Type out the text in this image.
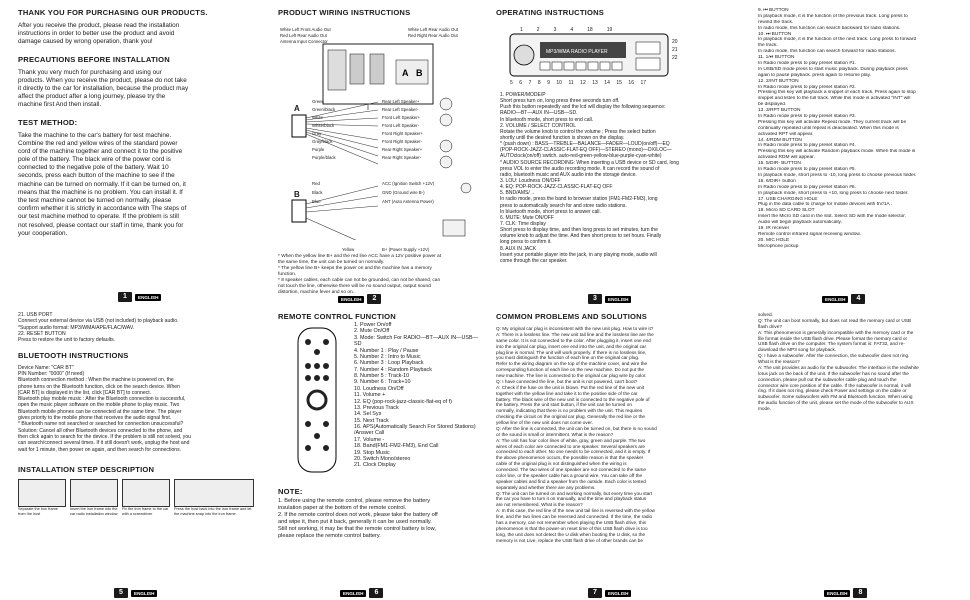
THANK YOU FOR PURCHASING OUR PRODUCTS.
After you receive the product, please read the installation
instructions in order to better use the product and avoid
damage caused by wrong operation, thank you!
PRECAUTIONS BEFORE INSTALLATION
Thank you very much for purchasing and using our
products. When you receive the product, please do not take
it directly to the car for installation, because the product may
affect the product after a long journey, please try the
machine first And then install.
TEST METHOD:
Take the machine to the car's battery for test machine.
Combine the red and yellow wires of the standard power
cord of the machine together and connect it to the positive
pole of the battery. The black wire of the power cord is
connected to the negative pole of the battery. Wait 10
seconds, press each button of the machine to see if the
machine can be turned on normally. If it can be turned on, it
means that the machine is no problem. You can install it. If
the test machine cannot be turned on normally, please
confirm whether it is strictly in accordance with The steps of
our test machine method to operate. If the problem is still
not resolved, please contact our staff in time, thank you for
your cooperation.
1	ENGLISH
PRODUCT WIRING INSTRUCTIONS
A B
White Left Front Audio Out
Red Left Rear Audio Out
Antenna Input Connector
White Left Rear Audio Out
Red Right Rear Audio Out
A
B
Green	Rear Left Speaker+
Green/black	Rear Left Speaker-
White	Front Left Speaker+
White/black	Front Left Speaker-
Gray	Front Right Speaker+
Gray/black	Front Right Speaker-
Purple	Rear Right Speaker+
Purple/black	Rear Right Speaker-
Red	ACC (Ignition Switch +12V)
Black	GND (Ground wire B-)
Blue	ANT (Auto Antenna Power)
Yellow	B+ (Power Supply +12V)
* When the yellow line B+ and the red line ACC have a 12V positive power at
the same time, the unit can be turned on normally.
* The yellow line B+ keeps the power on and the machine has a memory
function.
* 8 speaker cables, each cable can not be grounded, can not be shared, can
not touch the line, otherwise there will be no sound output, output sound
distortion, machine fever and so on.
ENGLISH	2
OPERATING INSTRUCTIONS
MP3/WMA RADIO PLAYER
1	2	3	4	18	19
20
21
22
5 6 7 8 9 10 11 12 13 14 15 16 17
1. POWER/MODE/P
Short press turn on, long press three seconds turn off.
Push this button repeatedly and the lcd will display the following sequence:
RADIO—BT—AUX IN—USB—SD.
In bluetooth mode, short press to end call.
2. VOLUME / SELECT CONTROL
Rotate the volume knob to control the volume ; Press the select button
shortly until the desired function is shown on the display.
* (push down) : BASS—TREBLE—BALANCE—FADER—LOUD(on/off)—EQ
(POP-ROCK-JAZZ-CLASSIC-FLAT-EQ OFF)—STEREO (mono)—DX/LOC—
AUTOclock(on/off) switch. auto-red-green-yellow-blue-purple-cyan-white)
* AUDIO SOURCE RECORDING: When inserting a USB device or SD card, long
press VOL to enter the audio recording mode. It can record the sound of
radio, bluetooth music and AUX audio into the storage device.
3. LOU: Loudness ON/OFF
4. EQ: POP-ROCK-JAZZ-CLASSIC-FLAT-EQ OFF
5. BND/AMS/→
In radio mode, press the band to browser station (FM1-FM2-FM3), long
press to automatically search for and store radio stations.
In bluetooth mode, short press to answer call.
6. MUTE: Mute ON/OFF
7. CLK: Time display
Short press to display time, and then long press to set minutes, turn the
volume knob to adjust the time. And then short press to set hours. Finally
long press to confirm it.
8. AUX IN JACK
Insert your portable player into the jack, in any playing mode, audio will
come through the car speaker.
3	ENGLISH
9. ⏮ BUTTON
In playback mode, it is the function of the previous track. Long press to
rewind the track.
In radio mode, this function can search backward for radio stations.
10. ⏭ BUTTON
In playback mode, it is the function of the next track. Long press to forward
the track.
In radio mode, this function can search forward for radio stations.
11. 1/⏯ BUTTON
In Radio mode press to play preset station #1.
In USB/SD mode press to start music playback. During playback press
again to pause playback. press again to resume play.
12. 2/INT BUTTON
In Radio mode press to play preset station #2.
Pressing this key will playback a snippet of each track. Press again to stop
snippet and listen to the full track. While this mode is activated "INT" will
be displayed.
13. 3/RPT BUTTON
In Radio mode press to play preset station #3.
Pressing this key will activate Repeat mode. They current track will be
continually repeated until repeat is deactivated. When this mode is
activated RPT will appear.
14. 4/RDM BUTTON
In Radio mode press to play preset station #4.
Pressing this key will activate Random playback mode. When this mode is
activated RDM will appear.
15. 5/DIR- BUTTON
In Radio mode press to play preset station #5.
In playback mode, short press to -10, long press to choose previous folder.
16. 6/DIR+ button
In Radio mode press to play preset station #6.
In playback mode, short press to +10, long press to choose next folder.
17. USB CHARGING HOLE
Plug in the data cable to charge for mobile devices with 5V/1A .
18. Micro SD CARD SLOT
Insert the Micro SD card in the slot. Select SD with the mode selector.
Audio will begin playback automatically.
19. IR receiver
Remote control infrared signal receiving window.
20. MIC HOLE
Microphone pickup.
ENGLISH	4
21. USB PORT
Connect your external device via USB (not included) to playback audio.
*Support audio format: MP3/WMA/APE/FLAC/WAV.
22. RESET BUTTON
Press to restore the unit to factory defaults.
BLUETOOTH INSTRUCTIONS
Device Name: "CAR BT"
PIN Number: "0000" (If need)
Bluetooth connection method : When the machine is powered on, the
phone turns on the Bluetooth function, click on the search device. When
[CAR BT] is displayed in the list, click [CAR BT] to connect.
Bluetooth play mobile music : After the Bluetooth connection is successful,
open the music player software on the mobile phone to play music. Two
Bluetooth mobile phones can be connected at the same time. The player
gives priority to the mobile phone that receives the audio signal first.
* Bluetooth name not searched or searched for connection unsuccessful?
Solution: Cancel all other Bluetooth devices connected to the phone, and
then click again to search for the device. If the problem is still not solved, you
can search/connect several times. If it still doesn't work, unplug the host and
wait for 1 minute, then power on again, and then search for connections.
INSTALLATION STEP DESCRIPTION
Separate the iron frame from the host
Insert the iron frame into the car radio installation window
Fix the iron frame to the car with a screwdriver
Press the host back into the iron frame and let the machine snap into the iron frame.
5	ENGLISH
REMOTE CONTROL FUNCTION
1. Power On/off
2. Mute On/Off
3. Mode: Switch For RADIO—BT—AUX IN—USB—
SD
4. Number 1 : Play / Pause
5. Number 2 : Intro to Music
6. Number 3 : Loop Playback
7. Number 4 : Random Playback
8. Number 5 : Track-10
9. Number 6 : Track+10
10. Loudness On/Off
11. Volume +
12. EQ (pop-rock-jazz-classic-flat-eq of f)
13. Previous Track
14. Sel Sys
15. Next Track
16. APS(Automatically Search For Stored Stations)
/Answer Call
17. Volume -
18. Band(FM1-FM2-FM3), End Call
19. Stop Music
20. Switch Mono/stereo
21. Clock Display
NOTE:
1. Before using the remote control, please remove the battery
insulation paper at the bottom of the remote control.
2. If the remote control does not work, please take the battery off
and wipe it, then put it back, generally it can be used normally.
Still not working, it may be that the remote control battery is low,
please replace the remote control battery.
ENGLISH	6
COMMON PROBLEMS AND SOLUTIONS
Q: My original car plug is inconsistent with the new unit plug. How to wire it?
A: There is a lossless line. The new unit tail line and the lossless line are the
same color. It is not connected to the color. After plugging it, insert one end
into the original car plug, insert one end into the unit, and the original car
plug line is normal. The unit will work properly. If there is no lossless line,
you must distinguish the function of each line on the original car plug.
Refer to the wiring diagram on the top of the machine cover, and wire the
corresponding function of each line on the new machine. Do not put the
new machine. The line is connected to the original car plug wire by color.
Q: I have connected the line, but the unit is not powered, can't boot?
A: Check if the fuse on the unit is blown. Put the red line of the new unit
together with the yellow line and take it to the positive side of the car
battery. The black wire of the new unit is connected to the negative pole of
the battery. Press the unit start button, if the unit can be turned on
normally, indicating that there is no problem with the unit. This requires
checking the circuit on the original car plug. Generally the red line or the
yellow line of the new unit does not come over.
Q: After the line is connected, the unit can be turned on, but there is no sound
or the sound is small or intermittent. What is the reason?
A: The unit has four color lines of white, gray, green and purple. The two
wires of each color are connected to one speaker. Several speakers are
connected to each other. No one needs to be connected, and it is empty. If
the above phenomenon occurs, the possible reason is that the speaker
cable of the original plug is not distinguished when the wiring is
connected. The two wires of one speaker are not connected to the same
color line, or the speaker cable has a ground wire. You can take off the
speaker cables and find a speaker from the outside. Each color is tested
separately and whether there are any problems.
Q: The unit can be turned on and working normally, but every time you start
the car you have to turn it on manually, and the time and playback status
are not remembered. What is the reason?
A: In this case, the red line of the new unit tail line is reversed with the yellow
line, and the two lines can be reversed and connected. If the time, the radio
has a memory, can not remember when playing the USB flash drive, this
phenomenon is that the power-on reset time of this USB flash drive is too
long, the unit does not detect the U disk when booting the U disk, so the
memory is not Live, replace the USB flash drive of other brands can be
7	ENGLISH
solved.
Q: The unit can boot normally, but does not read the memory card or USB
flash drive?
A: This phenomenon is generally incompatible with the memory card or the
file format inside the USB flash drive. Please format the memory card or
USB flash drive on the computer. The system format is: FAT32, and re-
download the MP3 song for playback.
Q: I have a subwoofer. After the connection, the subwoofer does not ring.
What is the reason?
A: The unit provides an audio for the subwoofer. The interface is the red/white
lotus jack on the back of the unit. If the subwoofer has no sound after the
connection, please pull out the subwoofer cable plug and touch the
connector wire core position of the cable. If the subwoofer is normal, it will
ring. If it does not ring, please check Power and settings on the cable or
subwoofer. Some subwoofers with FM and Bluetooth function. When using
the audio function of the unit, please set the mode of the subwoofer to AUX
mode.
ENGLISH	8
